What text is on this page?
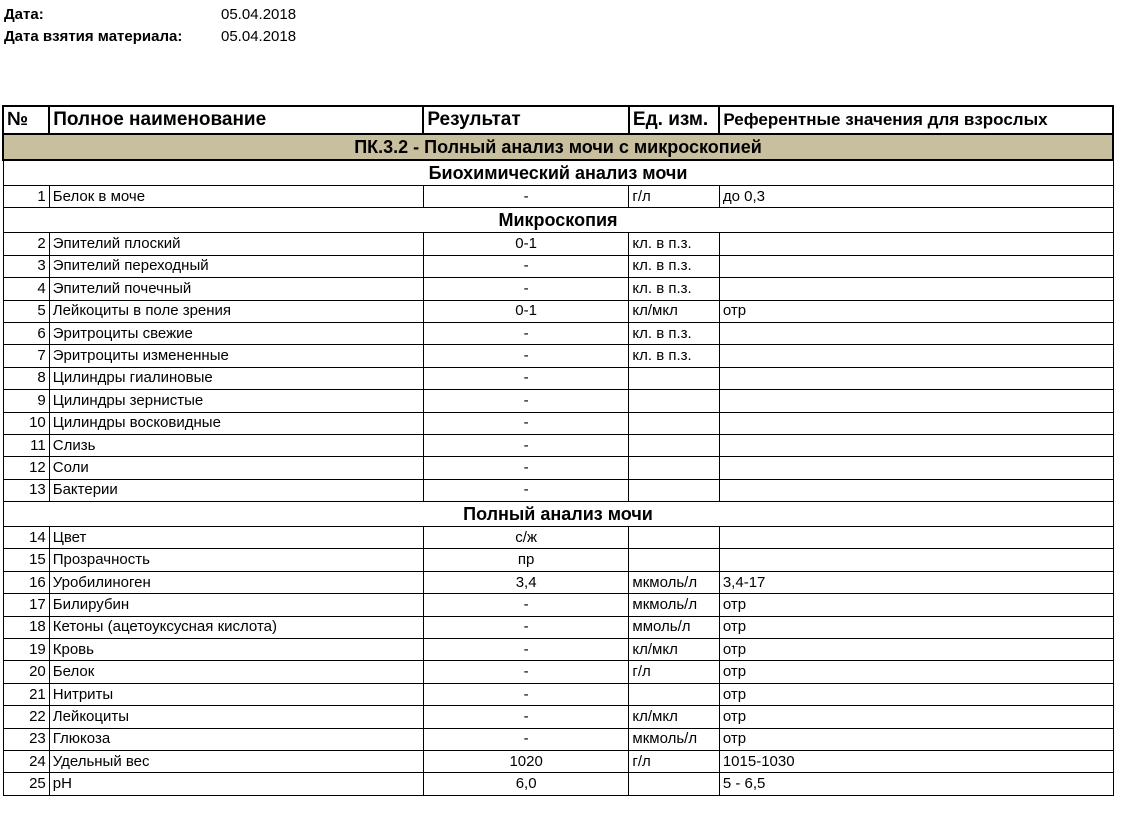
Дата:	05.04.2018
Дата взятия материала:	05.04.2018
№	Полное наименование	Результат	Ед. изм.	Референтные значения для взрослых
ПК.3.2 - Полный анализ мочи с микроскопией				
Биохимический анализ мочи				
1	Белок в моче	-	г/л	до 0,3
Микроскопия				
2	Эпителий плоский	0-1	кл. в п.з.	
3	Эпителий переходный	-	кл. в п.з.	
4	Эпителий почечный	-	кл. в п.з.	
5	Лейкоциты в поле зрения	0-1	кл/мкл	отр
6	Эритроциты свежие	-	кл. в п.з.	
7	Эритроциты измененные	-	кл. в п.з.	
8	Цилиндры гиалиновые	-		
9	Цилиндры зернистые	-		
10	Цилиндры восковидные	-		
11	Слизь	-		
12	Соли	-		
13	Бактерии	-		
Полный анализ мочи				
14	Цвет	с/ж		
15	Прозрачность	пр		
16	Уробилиноген	3,4	мкмоль/л	3,4-17
17	Билирубин	-	мкмоль/л	отр
18	Кетоны (ацетоуксусная кислота)	-	ммоль/л	отр
19	Кровь	-	кл/мкл	отр
20	Белок	-	г/л	отр
21	Нитриты	-		отр
22	Лейкоциты	-	кл/мкл	отр
23	Глюкоза	-	мкмоль/л	отр
24	Удельный вес	1020	г/л	1015-1030
25	pH	6,0		5 - 6,5
